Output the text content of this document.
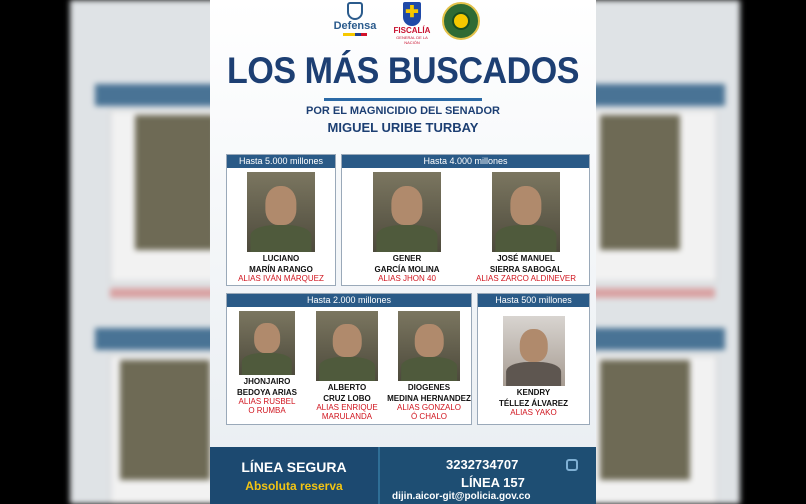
Defensa
✚
FISCALÍA
GENERAL DE LA NACIÓN
LOS MÁS BUSCADOS
POR EL MAGNICIDIO DEL SENADOR
MIGUEL URIBE TURBAY
Hasta 5.000 millones
LUCIANO
MARÍN ARANGO
ALIAS IVÁN MÁRQUEZ
Hasta 4.000 millones
GENER
GARCÍA MOLINA
ALIAS JHON 40
JOSÉ MANUEL
SIERRA SABOGAL
ALIAS ZARCO ALDINEVER
Hasta 2.000 millones
JHONJAIRO
BEDOYA ARIAS
ALIAS RUSBEL
O RUMBA
ALBERTO
CRUZ LOBO
ALIAS ENRIQUE
MARULANDA
DIOGENES
MEDINA HERNANDEZ
ALIAS GONZALO
Ó CHALO
Hasta 500 millones
KENDRY
TÉLLEZ ÁLVAREZ
ALIAS YAKO
LÍNEA SEGURA
Absoluta reserva
3232734707
LÍNEA 157
dijin.aicor-git@policia.gov.co
